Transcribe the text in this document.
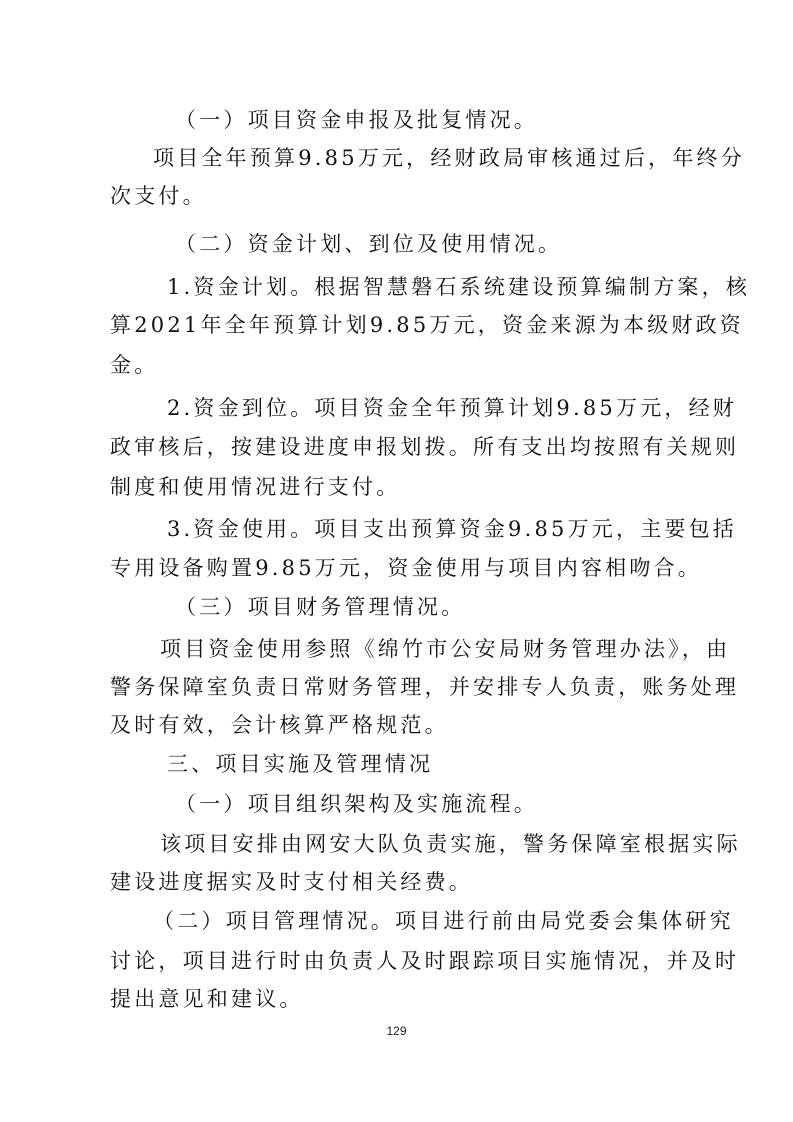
（一）项目资金申报及批复情况。
项目全年预算9.85万元，经财政局审核通过后，年终分
次支付。
（二）资金计划、到位及使用情况。
1.资金计划。根据智慧磐石系统建设预算编制方案，核
算2021年全年预算计划9.85万元，资金来源为本级财政资
金。
2.资金到位。项目资金全年预算计划9.85万元，经财
政审核后，按建设进度申报划拨。所有支出均按照有关规则
制度和使用情况进行支付。
3.资金使用。项目支出预算资金9.85万元，主要包括
专用设备购置9.85万元，资金使用与项目内容相吻合。
（三）项目财务管理情况。
项目资金使用参照《绵竹市公安局财务管理办法》，由
警务保障室负责日常财务管理，并安排专人负责，账务处理
及时有效，会计核算严格规范。
三、项目实施及管理情况
（一）项目组织架构及实施流程。
该项目安排由网安大队负责实施，警务保障室根据实际
建设进度据实及时支付相关经费。
（二）项目管理情况。项目进行前由局党委会集体研究
讨论，项目进行时由负责人及时跟踪项目实施情况，并及时
提出意见和建议。
129
